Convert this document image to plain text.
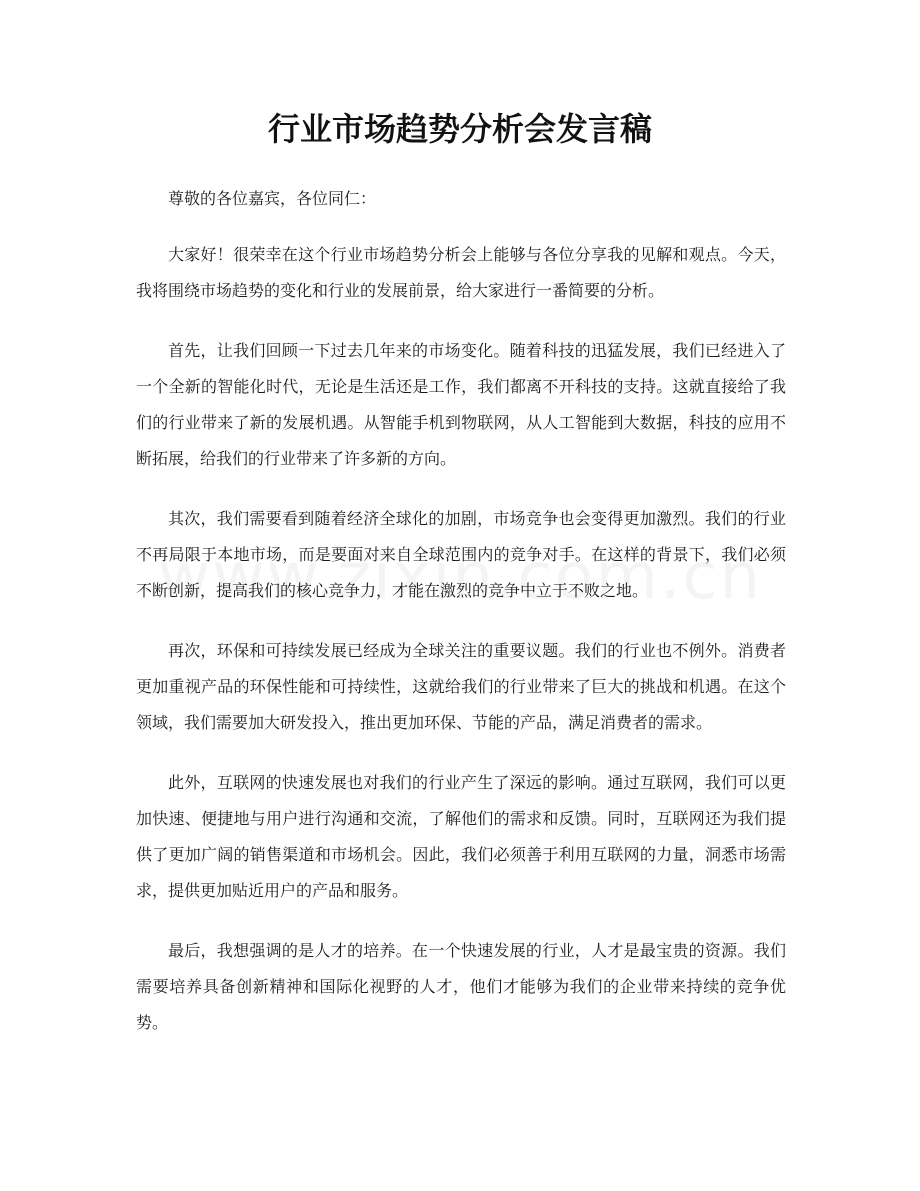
行业市场趋势分析会发言稿

尊敬的各位嘉宾，各位同仁：

大家好！很荣幸在这个行业市场趋势分析会上能够与各位分享我的见解和观点。今天，我将围绕市场趋势的变化和行业的发展前景，给大家进行一番简要的分析。

首先，让我们回顾一下过去几年来的市场变化。随着科技的迅猛发展，我们已经进入了一个全新的智能化时代，无论是生活还是工作，我们都离不开科技的支持。这就直接给了我们的行业带来了新的发展机遇。从智能手机到物联网，从人工智能到大数据，科技的应用不断拓展，给我们的行业带来了许多新的方向。

其次，我们需要看到随着经济全球化的加剧，市场竞争也会变得更加激烈。我们的行业不再局限于本地市场，而是要面对来自全球范围内的竞争对手。在这样的背景下，我们必须不断创新，提高我们的核心竞争力，才能在激烈的竞争中立于不败之地。

再次，环保和可持续发展已经成为全球关注的重要议题。我们的行业也不例外。消费者更加重视产品的环保性能和可持续性，这就给我们的行业带来了巨大的挑战和机遇。在这个领域，我们需要加大研发投入，推出更加环保、节能的产品，满足消费者的需求。

此外，互联网的快速发展也对我们的行业产生了深远的影响。通过互联网，我们可以更加快速、便捷地与用户进行沟通和交流，了解他们的需求和反馈。同时，互联网还为我们提供了更加广阔的销售渠道和市场机会。因此，我们必须善于利用互联网的力量，洞悉市场需求，提供更加贴近用户的产品和服务。

最后，我想强调的是人才的培养。在一个快速发展的行业，人才是最宝贵的资源。我们需要培养具备创新精神和国际化视野的人才，他们才能够为我们的企业带来持续的竞争优势。
